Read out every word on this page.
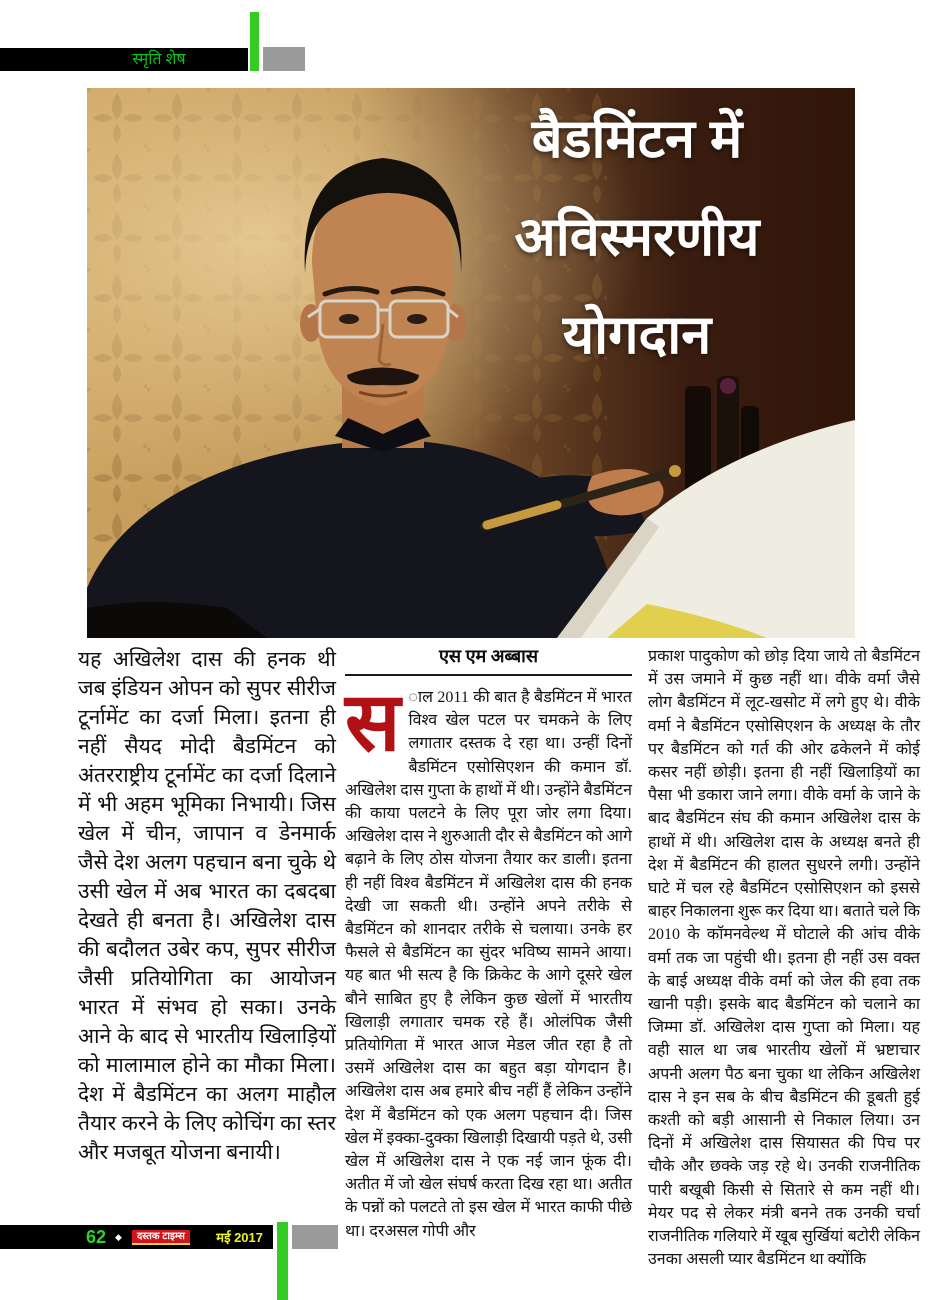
स्मृति शेष
बैडमिंटन में
अविस्मरणीय
योगदान
यह अखिलेश दास की हनक थी जब इंडियन ओपन को सुपर सीरीज टूर्नामेंट का दर्जा मिला। इतना ही नहीं सैयद मोदी बैडमिंटन को अंतरराष्ट्रीय टूर्नामेंट का दर्जा दिलाने में भी अहम भूमिका निभायी। जिस खेल में चीन, जापान व डेनमार्क जैसे देश अलग पहचान बना चुके थे उसी खेल में अब भारत का दबदबा देखते ही बनता है। अखिलेश दास की बदौलत उबेर कप, सुपर सीरीज जैसी प्रतियोगिता का आयोजन भारत में संभव हो सका। उनके आने के बाद से भारतीय खिलाड़ियों को मालामाल होने का मौका मिला। देश में बैडमिंटन का अलग माहौल तैयार करने के लिए कोचिंग का स्तर और मजबूत योजना बनायी।
एस एम अब्बास

स ाल 2011 की बात है बैडमिंटन में भारत विश्व खेल पटल पर चमकने के लिए लगातार दस्तक दे रहा था। उन्हीं दिनों बैडमिंटन एसोसिएशन की कमान डॉ. अखिलेश दास गुप्ता के हाथों में थी। उन्होंने बैडमिंटन की काया पलटने के लिए पूरा जोर लगा दिया। अखिलेश दास ने शुरुआती दौर से बैडमिंटन को आगे बढ़ाने के लिए ठोस योजना तैयार कर डाली। इतना ही नहीं विश्व बैडमिंटन में अखिलेश दास की हनक देखी जा सकती थी। उन्होंने अपने तरीके से बैडमिंटन को शानदार तरीके से चलाया। उनके हर फैसले से बैडमिंटन का सुंदर भविष्य सामने आया। यह बात भी सत्य है कि क्रिकेट के आगे दूसरे खेल बौने साबित हुए है लेकिन कुछ खेलों में भारतीय खिलाड़ी लगातार चमक रहे हैं। ओलंपिक जैसी प्रतियोगिता में भारत आज मेडल जीत रहा है तो उसमें अखिलेश दास का बहुत बड़ा योगदान है। अखिलेश दास अब हमारे बीच नहीं हैं लेकिन उन्होंने देश में बैडमिंटन को एक अलग पहचान दी। जिस खेल में इक्का-दुक्का खिलाड़ी दिखायी पड़ते थे, उसी खेल में अखिलेश दास ने एक नई जान फूंक दी। अतीत में जो खेल संघर्ष करता दिख रहा था। अतीत के पन्नों को पलटते तो इस खेल में भारत काफी पीछे था। दरअसल गोपी और

प्रकाश पादुकोण को छोड़ दिया जाये तो बैडमिंटन में उस जमाने में कुछ नहीं था। वीके वर्मा जैसे लोग बैडमिंटन में लूट-खसोट में लगे हुए थे। वीके वर्मा ने बैडमिंटन एसोसिएशन के अध्यक्ष के तौर पर बैडमिंटन को गर्त की ओर ढकेलने में कोई कसर नहीं छोड़ी। इतना ही नहीं खिलाड़ियों का पैसा भी डकारा जाने लगा। वीके वर्मा के जाने के बाद बैडमिंटन संघ की कमान अखिलेश दास के हाथों में थी। अखिलेश दास के अध्यक्ष बनते ही देश में बैडमिंटन की हालत सुधरने लगी। उन्होंने घाटे में चल रहे बैडमिंटन एसोसिएशन को इससे बाहर निकालना शुरू कर दिया था। बताते चले कि 2010 के कॉमनवेल्थ में घोटाले की आंच वीके वर्मा तक जा पहुंची थी। इतना ही नहीं उस वक्त के बाई अध्यक्ष वीके वर्मा को जेल की हवा तक खानी पड़ी। इसके बाद बैडमिंटन को चलाने का जिम्मा डॉ. अखिलेश दास गुप्ता को मिला। यह वही साल था जब भारतीय खेलों में भ्रष्टाचार अपनी अलग पैठ बना चुका था लेकिन अखिलेश दास ने इन सब के बीच बैडमिंटन की डूबती हुई कश्ती को बड़ी आसानी से निकाल लिया। उन दिनों में अखिलेश दास सियासत की पिच पर चौके और छक्के जड़ रहे थे। उनकी राजनीतिक पारी बखूबी किसी से सितारे से कम नहीं थी। मेयर पद से लेकर मंत्री बनने तक उनकी चर्चा राजनीतिक गलियारे में खूब सुर्खियां बटोरी लेकिन उनका असली प्यार बैडमिंटन था क्योंकि

62 ◆	दस्तक टाइम्स	मई 2017
